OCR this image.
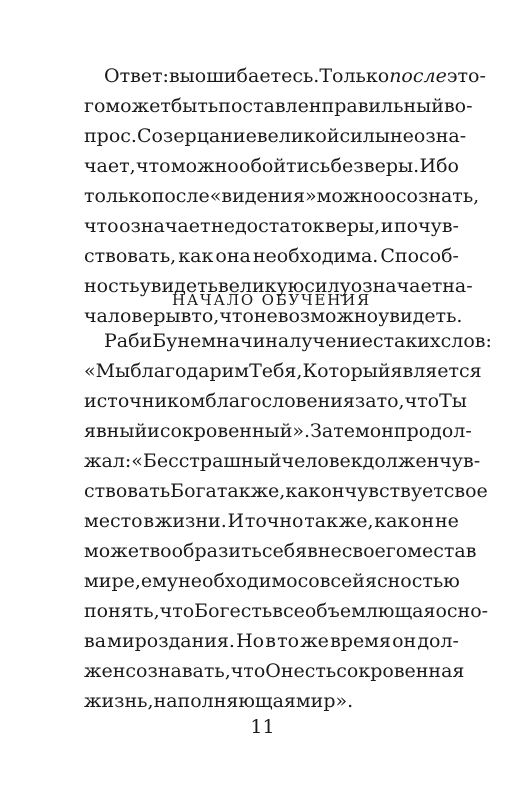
Ответ: вы ошибаетесь. Только после это-
го может быть поставлен правильный во-
прос. Созерцание великой силы не озна-
чает, что можно обойтись без веры. Ибо
только после «видения» можно осознать,
что означает недостаток веры, и почув-
ствовать, как она необходима. Способ-
ность увидеть великую силу означает на-
чало веры в то, что невозможно увидеть.
НАЧАЛО ОБУЧЕНИЯ
Раби Бунем начинал учение с таких слов:
«Мы благодарим Тебя, Который является
источником благословения за то, что Ты
явный и сокровенный». Затем он продол-
жал: «Бесстрашный человек должен чув-
ствовать Бога так же, как он чувствует свое
место в жизни. И точно так же, как он не
может вообразить себя вне своего места в
мире, ему необходимо со всей ясностью
понять, что Бог есть всеобъемлющая осно-
ва мироздания. Но в то же время он дол-
жен сознавать, что Он есть сокровенная
жизнь, наполняющая мир».
11
